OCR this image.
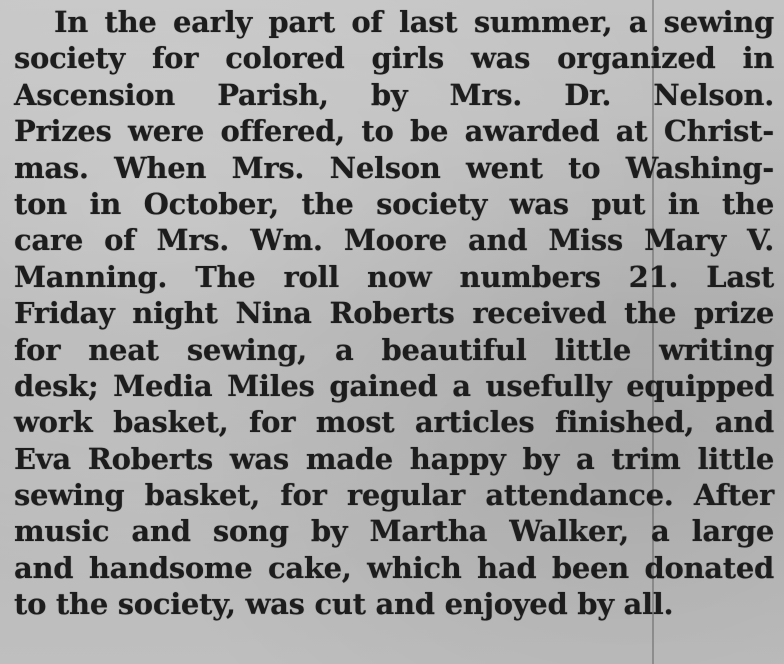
In the early part of last summer, a sewing
society for colored girls was organized in
Ascension Parish, by Mrs. Dr. Nelson.
Prizes were offered, to be awarded at Christ-
mas. When Mrs. Nelson went to Washing-
ton in October, the society was put in the
care of Mrs. Wm. Moore and Miss Mary V.
Manning. The roll now numbers 21. Last
Friday night Nina Roberts received the prize
for neat sewing, a beautiful little writing
desk; Media Miles gained a usefully equipped
work basket, for most articles finished, and
Eva Roberts was made happy by a trim little
sewing basket, for regular attendance. After
music and song by Martha Walker, a large
and handsome cake, which had been donated
to the society, was cut and enjoyed by all.
